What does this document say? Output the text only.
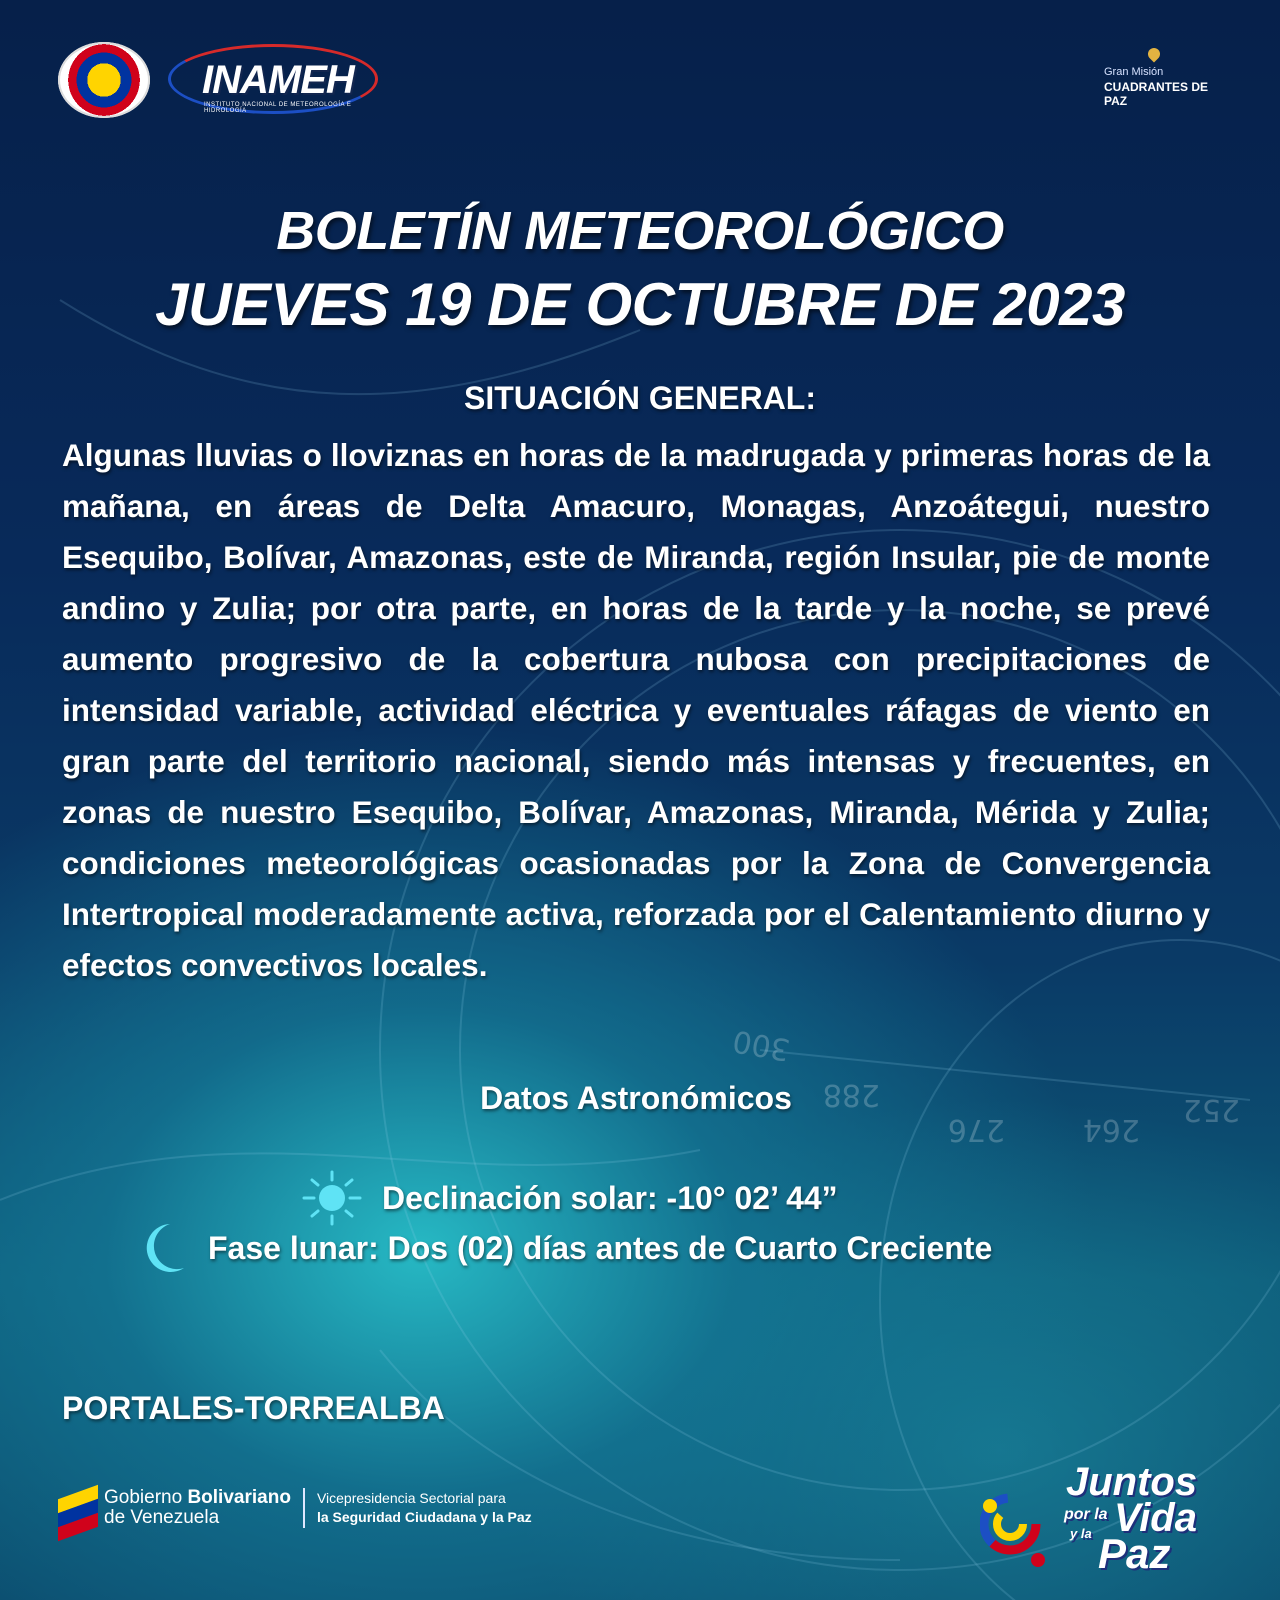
300
288
276	264
252
INAMEH
INSTITUTO NACIONAL DE METEOROLOGÍA E HIDROLOGÍA
Gran Misión
CUADRANTES DE PAZ
BOLETÍN METEOROLÓGICO
JUEVES 19 DE OCTUBRE DE 2023
SITUACIÓN GENERAL:
Algunas lluvias o lloviznas en horas de la madrugada y primeras horas de la mañana, en áreas de Delta Amacuro, Monagas, Anzoátegui, nuestro Esequibo, Bolívar, Amazonas, este de Miranda, región Insular, pie de monte andino y Zulia; por otra parte, en horas de la tarde y la noche, se prevé aumento progresivo de la cobertura nubosa con precipitaciones de intensidad variable, actividad eléctrica y eventuales ráfagas de viento en gran parte del territorio nacional, siendo más intensas y frecuentes, en zonas de nuestro Esequibo, Bolívar, Amazonas, Miranda, Mérida y Zulia; condiciones meteorológicas ocasionadas por la Zona de Convergencia Intertropical moderadamente activa, reforzada por el Calentamiento diurno y efectos convectivos locales.
Datos Astronómicos
Declinación solar: -10° 02’ 44”
Fase lunar: Dos (02) días antes de Cuarto Creciente
PORTALES-TORREALBA
Gobierno Bolivariano
de Venezuela
Vicepresidencia Sectorial para
la Seguridad Ciudadana y la Paz
Juntos
por la Vida
y la Paz
